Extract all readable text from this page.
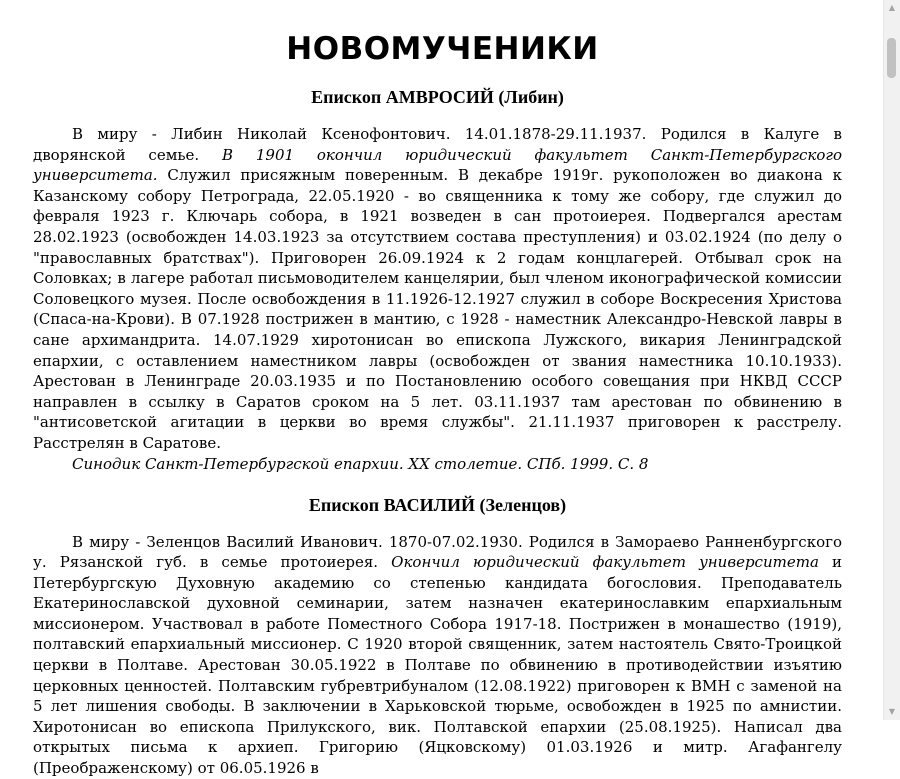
НОВОМУЧЕНИКИ
Епископ АМВРОСИЙ (Либин)

В миру - Либин Николай Ксенофонтович. 14.01.1878-29.11.1937. Родился в Калуге в дворянской семье. В 1901 окончил юридический факультет Санкт-Петербургского университета. Служил присяжным поверенным. В декабре 1919г. рукоположен во диакона к Казанскому собору Петрограда, 22.05.1920 - во священника к тому же собору, где служил до февраля 1923 г. Ключарь собора, в 1921 возведен в сан протоиерея. Подвергался арестам 28.02.1923 (освобожден 14.03.1923 за отсутствием состава преступления) и 03.02.1924 (по делу о "православных братствах"). Приговорен 26.09.1924 к 2 годам концлагерей. Отбывал срок на Соловках; в лагере работал письмоводителем канцелярии, был членом иконографической комиссии Соловецкого музея. После освобождения в 11.1926-12.1927 служил в соборе Воскресения Христова (Спаса-на-Крови). В 07.1928 пострижен в мантию, с 1928 - наместник Александро-Невской лавры в сане архимандрита. 14.07.1929 хиротонисан во епископа Лужского, викария Ленинградской епархии, с оставлением наместником лавры (освобожден от звания наместника 10.10.1933). Арестован в Ленинграде 20.03.1935 и по Постановлению особого совещания при НКВД СССР направлен в ссылку в Саратов сроком на 5 лет. 03.11.1937 там арестован по обвинению в "антисоветской агитации в церкви во время службы". 21.11.1937 приговорен к расстрелу. Расстрелян в Саратове.

Синодик Санкт-Петербургской епархии. XX столетие. СПб. 1999. С. 8

Епископ ВАСИЛИЙ (Зеленцов)

В миру - Зеленцов Василий Иванович. 1870-07.02.1930. Родился в Замораево Ранненбургского у. Рязанской губ. в семье протоиерея. Окончил юридический факультет университета и Петербургскую Духовную академию со степенью кандидата богословия. Преподаватель Екатеринославской духовной семинарии, затем назначен екатеринославким епархиальным миссионером. Участвовал в работе Поместного Собора 1917-18. Пострижен в монашество (1919), полтавский епархиальный миссионер. С 1920 второй священник, затем настоятель Свято-Троицкой церкви в Полтаве. Арестован 30.05.1922 в Полтаве по обвинению в противодействии изъятию церковных ценностей. Полтавским губревтрибуналом (12.08.1922) приговорен к ВМН с заменой на 5 лет лишения свободы. В заключении в Харьковской тюрьме, освобожден в 1925 по амнистии. Хиротонисан во епископа Прилукского, вик. Полтавской епархии (25.08.1925). Написал два открытых письма к архиеп. Григорию (Яцковскому) 01.03.1926 и митр. Агафангелу (Преображенскому) от 06.05.1926 в

▲
▼
